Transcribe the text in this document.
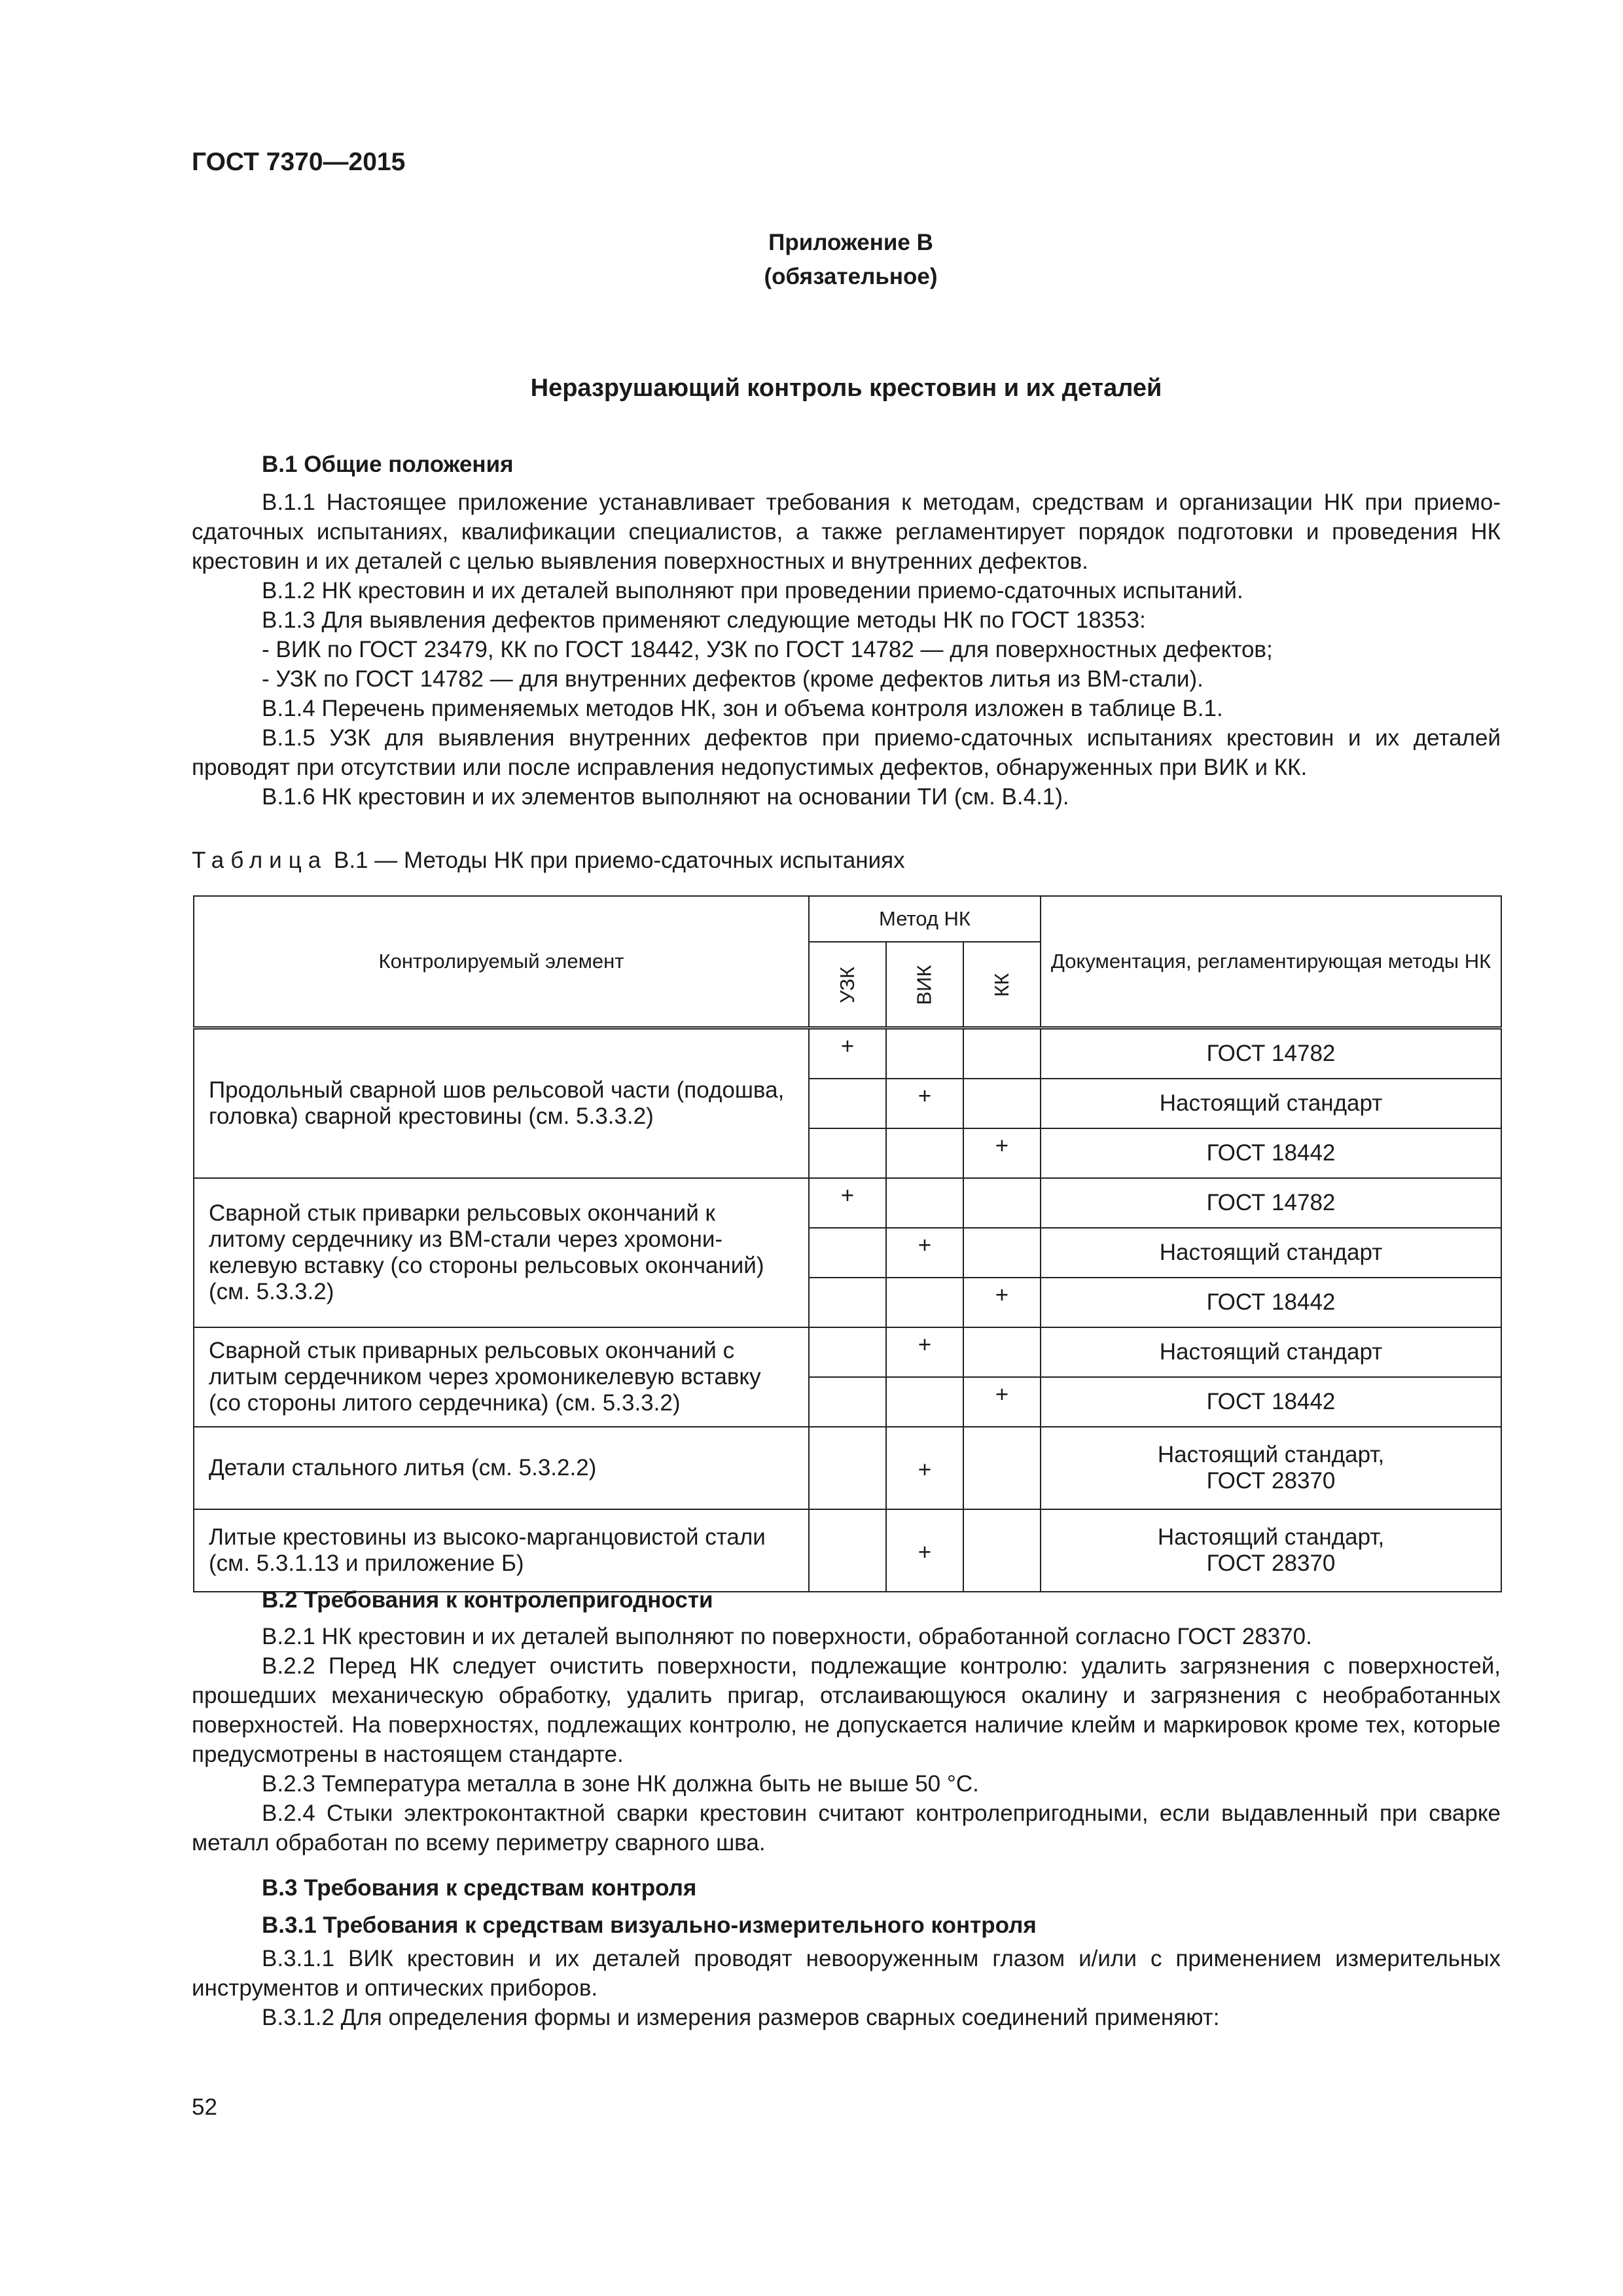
ГОСТ 7370—2015
Приложение В
(обязательное)
Неразрушающий контроль крестовин и их деталей
В.1 Общие положения

В.1.1 Настоящее приложение устанавливает требования к методам, средствам и организации НК при приемо-сдаточных испытаниях, квалификации специалистов, а также регламентирует порядок подготовки и проведения НК крестовин и их деталей с целью выявления поверхностных и внутренних дефектов.

В.1.2 НК крестовин и их деталей выполняют при проведении приемо-сдаточных испытаний.

В.1.3 Для выявления дефектов применяют следующие методы НК по ГОСТ 18353:

- ВИК по ГОСТ 23479, КК по ГОСТ 18442, УЗК по ГОСТ 14782 — для поверхностных дефектов;

- УЗК по ГОСТ 14782 — для внутренних дефектов (кроме дефектов литья из ВМ-стали).

В.1.4 Перечень применяемых методов НК, зон и объема контроля изложен в таблице В.1.

В.1.5 УЗК для выявления внутренних дефектов при приемо-сдаточных испытаниях крестовин и их деталей проводят при отсутствии или после исправления недопустимых дефектов, обнаруженных при ВИК и КК.

В.1.6 НК крестовин и их элементов выполняют на основании ТИ (см. В.4.1).

Таблица В.1 — Методы НК при приемо-сдаточных испытаниях
Контролируемый элемент	Метод НК			Документация, регламентирующая методы НК
	УЗК	ВИК	КК	
Продольный сварной шов рельсовой части (подошва, головка) сварной крестовины (см. 5.3.3.2)	+			ГОСТ 14782
		+		Настоящий стандарт
			+	ГОСТ 18442
Сварной стык приварки рельсовых окончаний к литому сердечнику из ВМ-стали через хромони-келевую вставку (со стороны рельсовых окончаний) (см. 5.3.3.2)	+			ГОСТ 14782
		+		Настоящий стандарт
			+	ГОСТ 18442
Сварной стык приварных рельсовых окончаний с литым сердечником через хромоникелевую вставку (со стороны литого сердечника) (см. 5.3.3.2)		+		Настоящий стандарт
			+	ГОСТ 18442
Детали стального литья (см. 5.3.2.2)		+		Настоящий стандарт,
ГОСТ 28370

Литые крестовины из высоко-марганцовистой стали (см. 5.3.1.13 и приложение Б)		+		Настоящий стандарт,
ГОСТ 28370
В.2 Требования к контролепригодности

В.2.1 НК крестовин и их деталей выполняют по поверхности, обработанной согласно ГОСТ 28370.

В.2.2 Перед НК следует очистить поверхности, подлежащие контролю: удалить загрязнения с поверхностей, прошедших механическую обработку, удалить пригар, отслаивающуюся окалину и загрязнения с необработанных поверхностей. На поверхностях, подлежащих контролю, не допускается наличие клейм и маркировок кроме тех, которые предусмотрены в настоящем стандарте.

В.2.3 Температура металла в зоне НК должна быть не выше 50 °С.

В.2.4 Стыки электроконтактной сварки крестовин считают контролепригодными, если выдавленный при сварке металл обработан по всему периметру сварного шва.

В.3 Требования к средствам контроля
В.3.1 Требования к средствам визуально-измерительного контроля

В.3.1.1 ВИК крестовин и их деталей проводят невооруженным глазом и/или с применением измерительных инструментов и оптических приборов.

В.3.1.2 Для определения формы и измерения размеров сварных соединений применяют:

52
